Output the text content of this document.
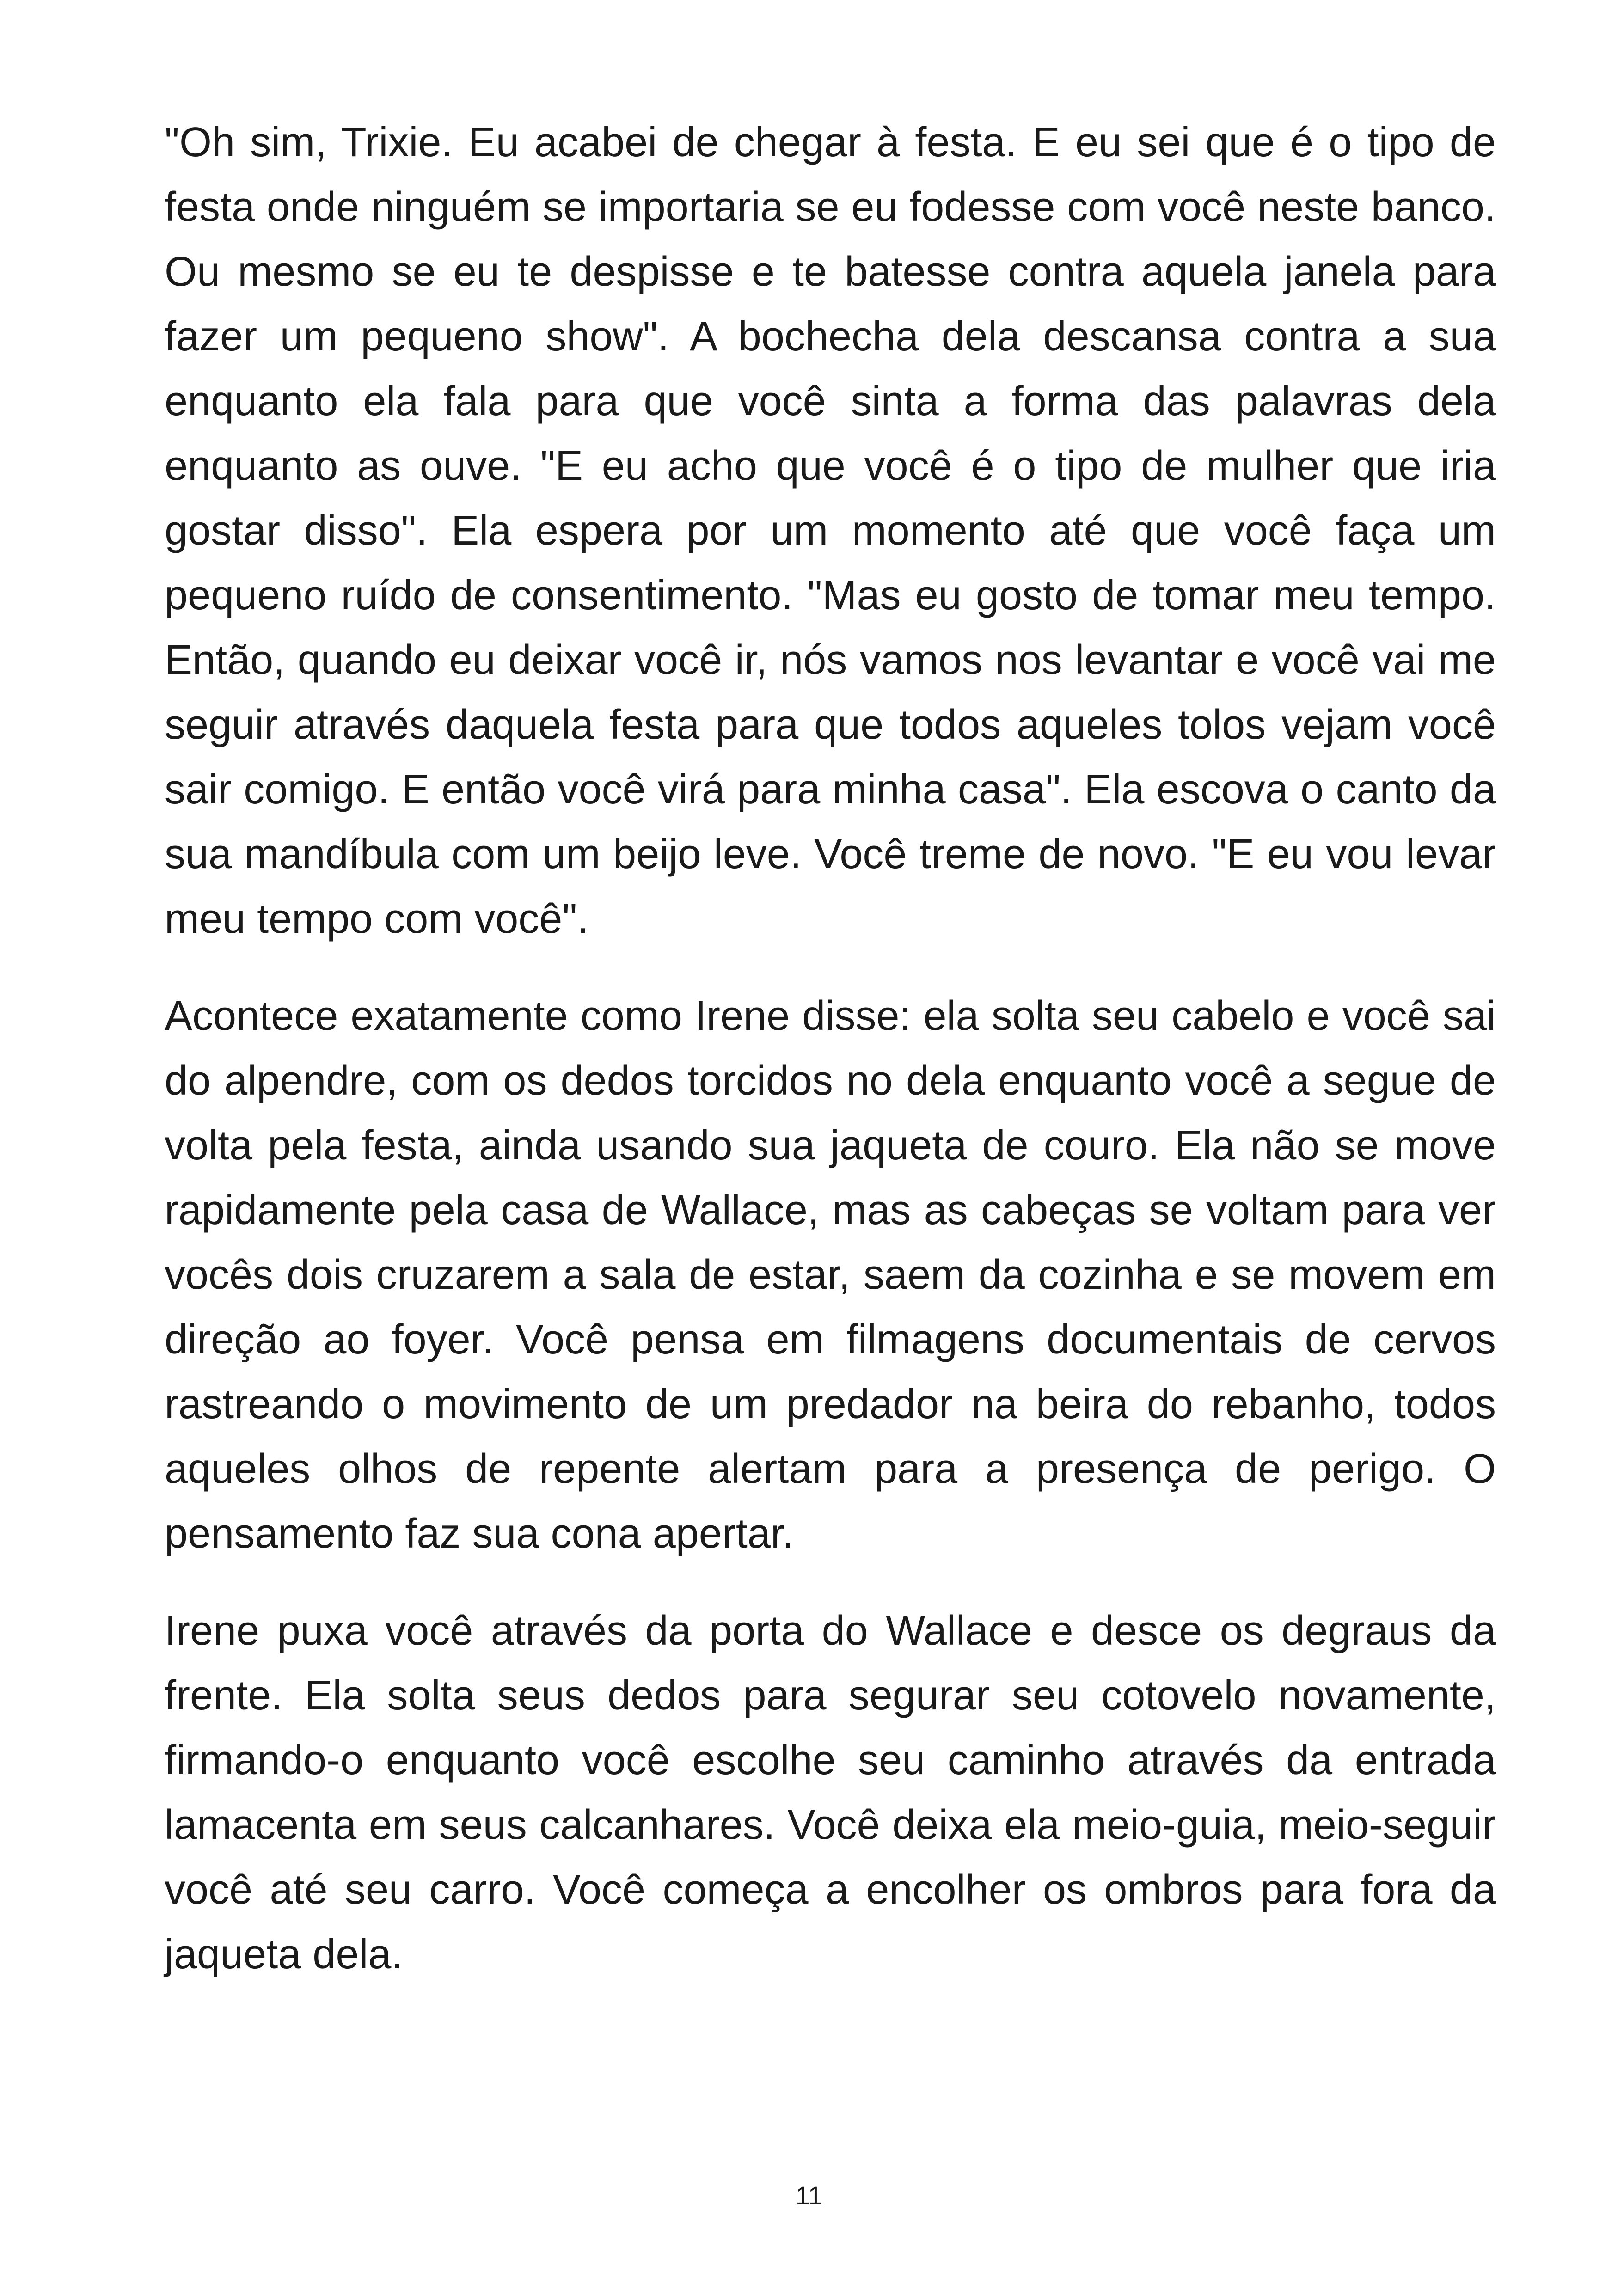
"Oh sim, Trixie. Eu acabei de chegar à festa. E eu sei que é o tipo de festa onde ninguém se importaria se eu fodesse com você neste banco. Ou mesmo se eu te despisse e te batesse contra aquela janela para fazer um pequeno show". A bochecha dela descansa contra a sua enquanto ela fala para que você sinta a forma das palavras dela enquanto as ouve. "E eu acho que você é o tipo de mulher que iria gostar disso". Ela espera por um momento até que você faça um pequeno ruído de consentimento. "Mas eu gosto de tomar meu tempo. Então, quando eu deixar você ir, nós vamos nos levantar e você vai me seguir através daquela festa para que todos aqueles tolos vejam você sair comigo. E então você virá para minha casa". Ela escova o canto da sua mandíbula com um beijo leve. Você treme de novo. "E eu vou levar meu tempo com você".

Acontece exatamente como Irene disse: ela solta seu cabelo e você sai do alpendre, com os dedos torcidos no dela enquanto você a segue de volta pela festa, ainda usando sua jaqueta de couro. Ela não se move rapidamente pela casa de Wallace, mas as cabeças se voltam para ver vocês dois cruzarem a sala de estar, saem da cozinha e se movem em direção ao foyer. Você pensa em filmagens documentais de cervos rastreando o movimento de um predador na beira do rebanho, todos aqueles olhos de repente alertam para a presença de perigo. O pensamento faz sua cona apertar.

Irene puxa você através da porta do Wallace e desce os degraus da frente. Ela solta seus dedos para segurar seu cotovelo novamente, firmando-o enquanto você escolhe seu caminho através da entrada lamacenta em seus calcanhares. Você deixa ela meio-guia, meio-seguir você até seu carro. Você começa a encolher os ombros para fora da jaqueta dela.

11
